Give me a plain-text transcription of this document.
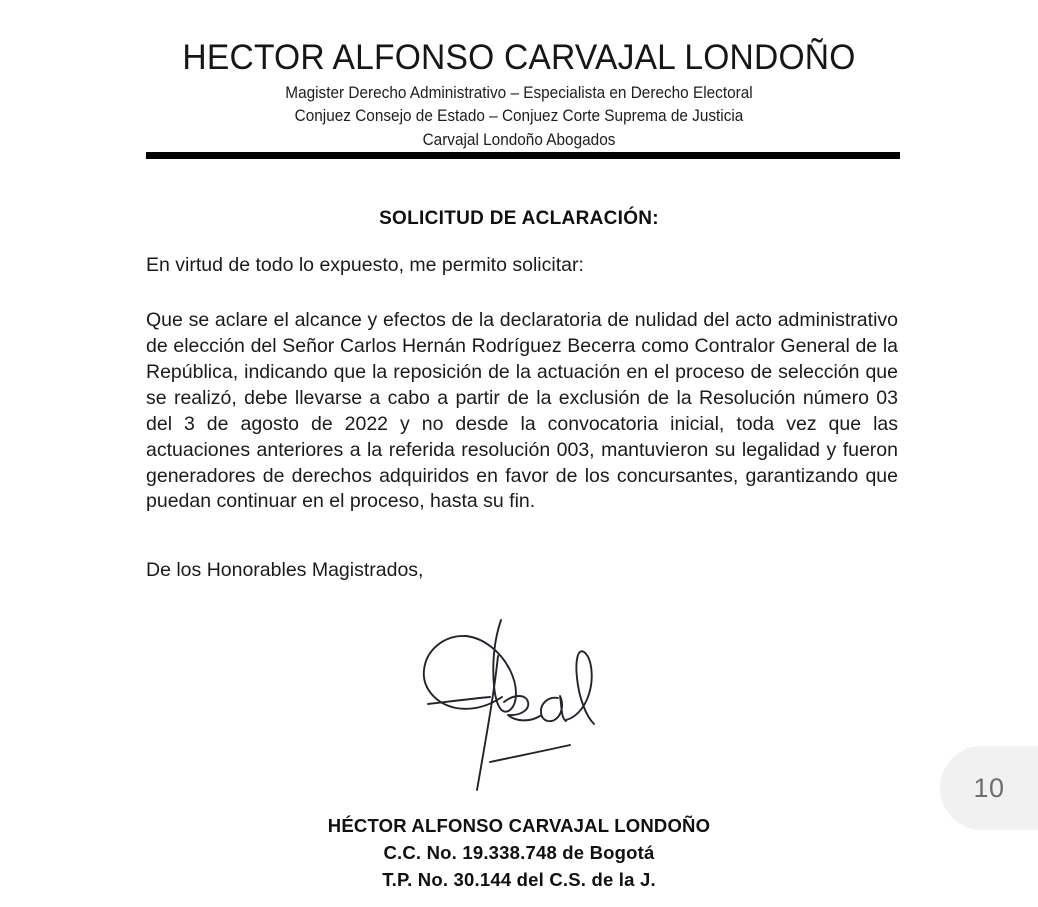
HECTOR ALFONSO CARVAJAL LONDOÑO
Magister Derecho Administrativo – Especialista en Derecho Electoral
Conjuez Consejo de Estado – Conjuez Corte Suprema de Justicia
Carvajal Londoño Abogados
SOLICITUD DE ACLARACIÓN:
En virtud de todo lo expuesto, me permito solicitar:
Que se aclare el alcance y efectos de la declaratoria de nulidad del acto administrativo de elección del Señor Carlos Hernán Rodríguez Becerra como Contralor General de la República, indicando que la reposición de la actuación en el proceso de selección que se realizó, debe llevarse a cabo a partir de la exclusión de la Resolución número 03 del 3 de agosto de 2022 y no desde la convocatoria inicial, toda vez que las actuaciones anteriores a la referida resolución 003, mantuvieron su legalidad y fueron generadores de derechos adquiridos en favor de los concursantes, garantizando que puedan continuar en el proceso, hasta su fin.
De los Honorables Magistrados,
HÉCTOR ALFONSO CARVAJAL LONDOÑO
C.C. No. 19.338.748 de Bogotá
T.P. No. 30.144 del C.S. de la J.
10
